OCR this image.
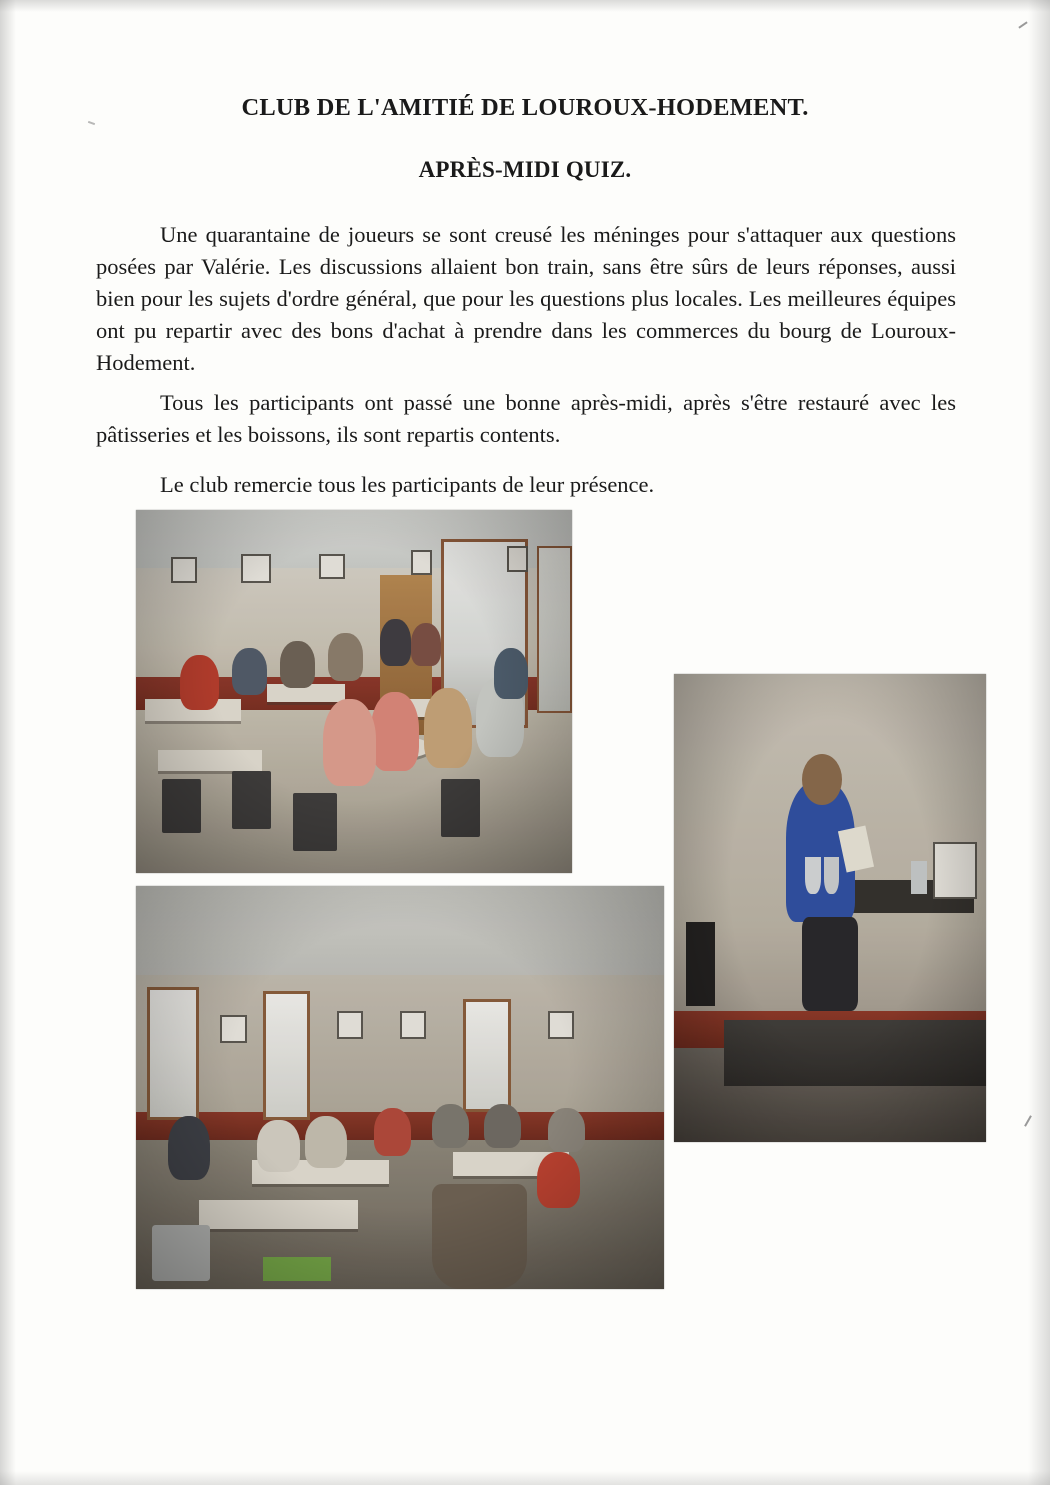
CLUB DE L'AMITIÉ DE LOUROUX-HODEMENT.
APRÈS-MIDI QUIZ.

Une quarantaine de joueurs se sont creusé les méninges pour s'attaquer aux questions posées par Valérie. Les discussions allaient bon train, sans être sûrs de leurs réponses, aussi bien pour les sujets d'ordre général, que pour les questions plus locales. Les meilleures équipes ont pu repartir avec des bons d'achat à prendre dans les commerces du bourg de Louroux-Hodement.

Tous les participants ont passé une bonne après-midi, après s'être restauré avec les pâtisseries et les boissons, ils sont repartis contents.

Le club remercie tous les participants de leur présence.
